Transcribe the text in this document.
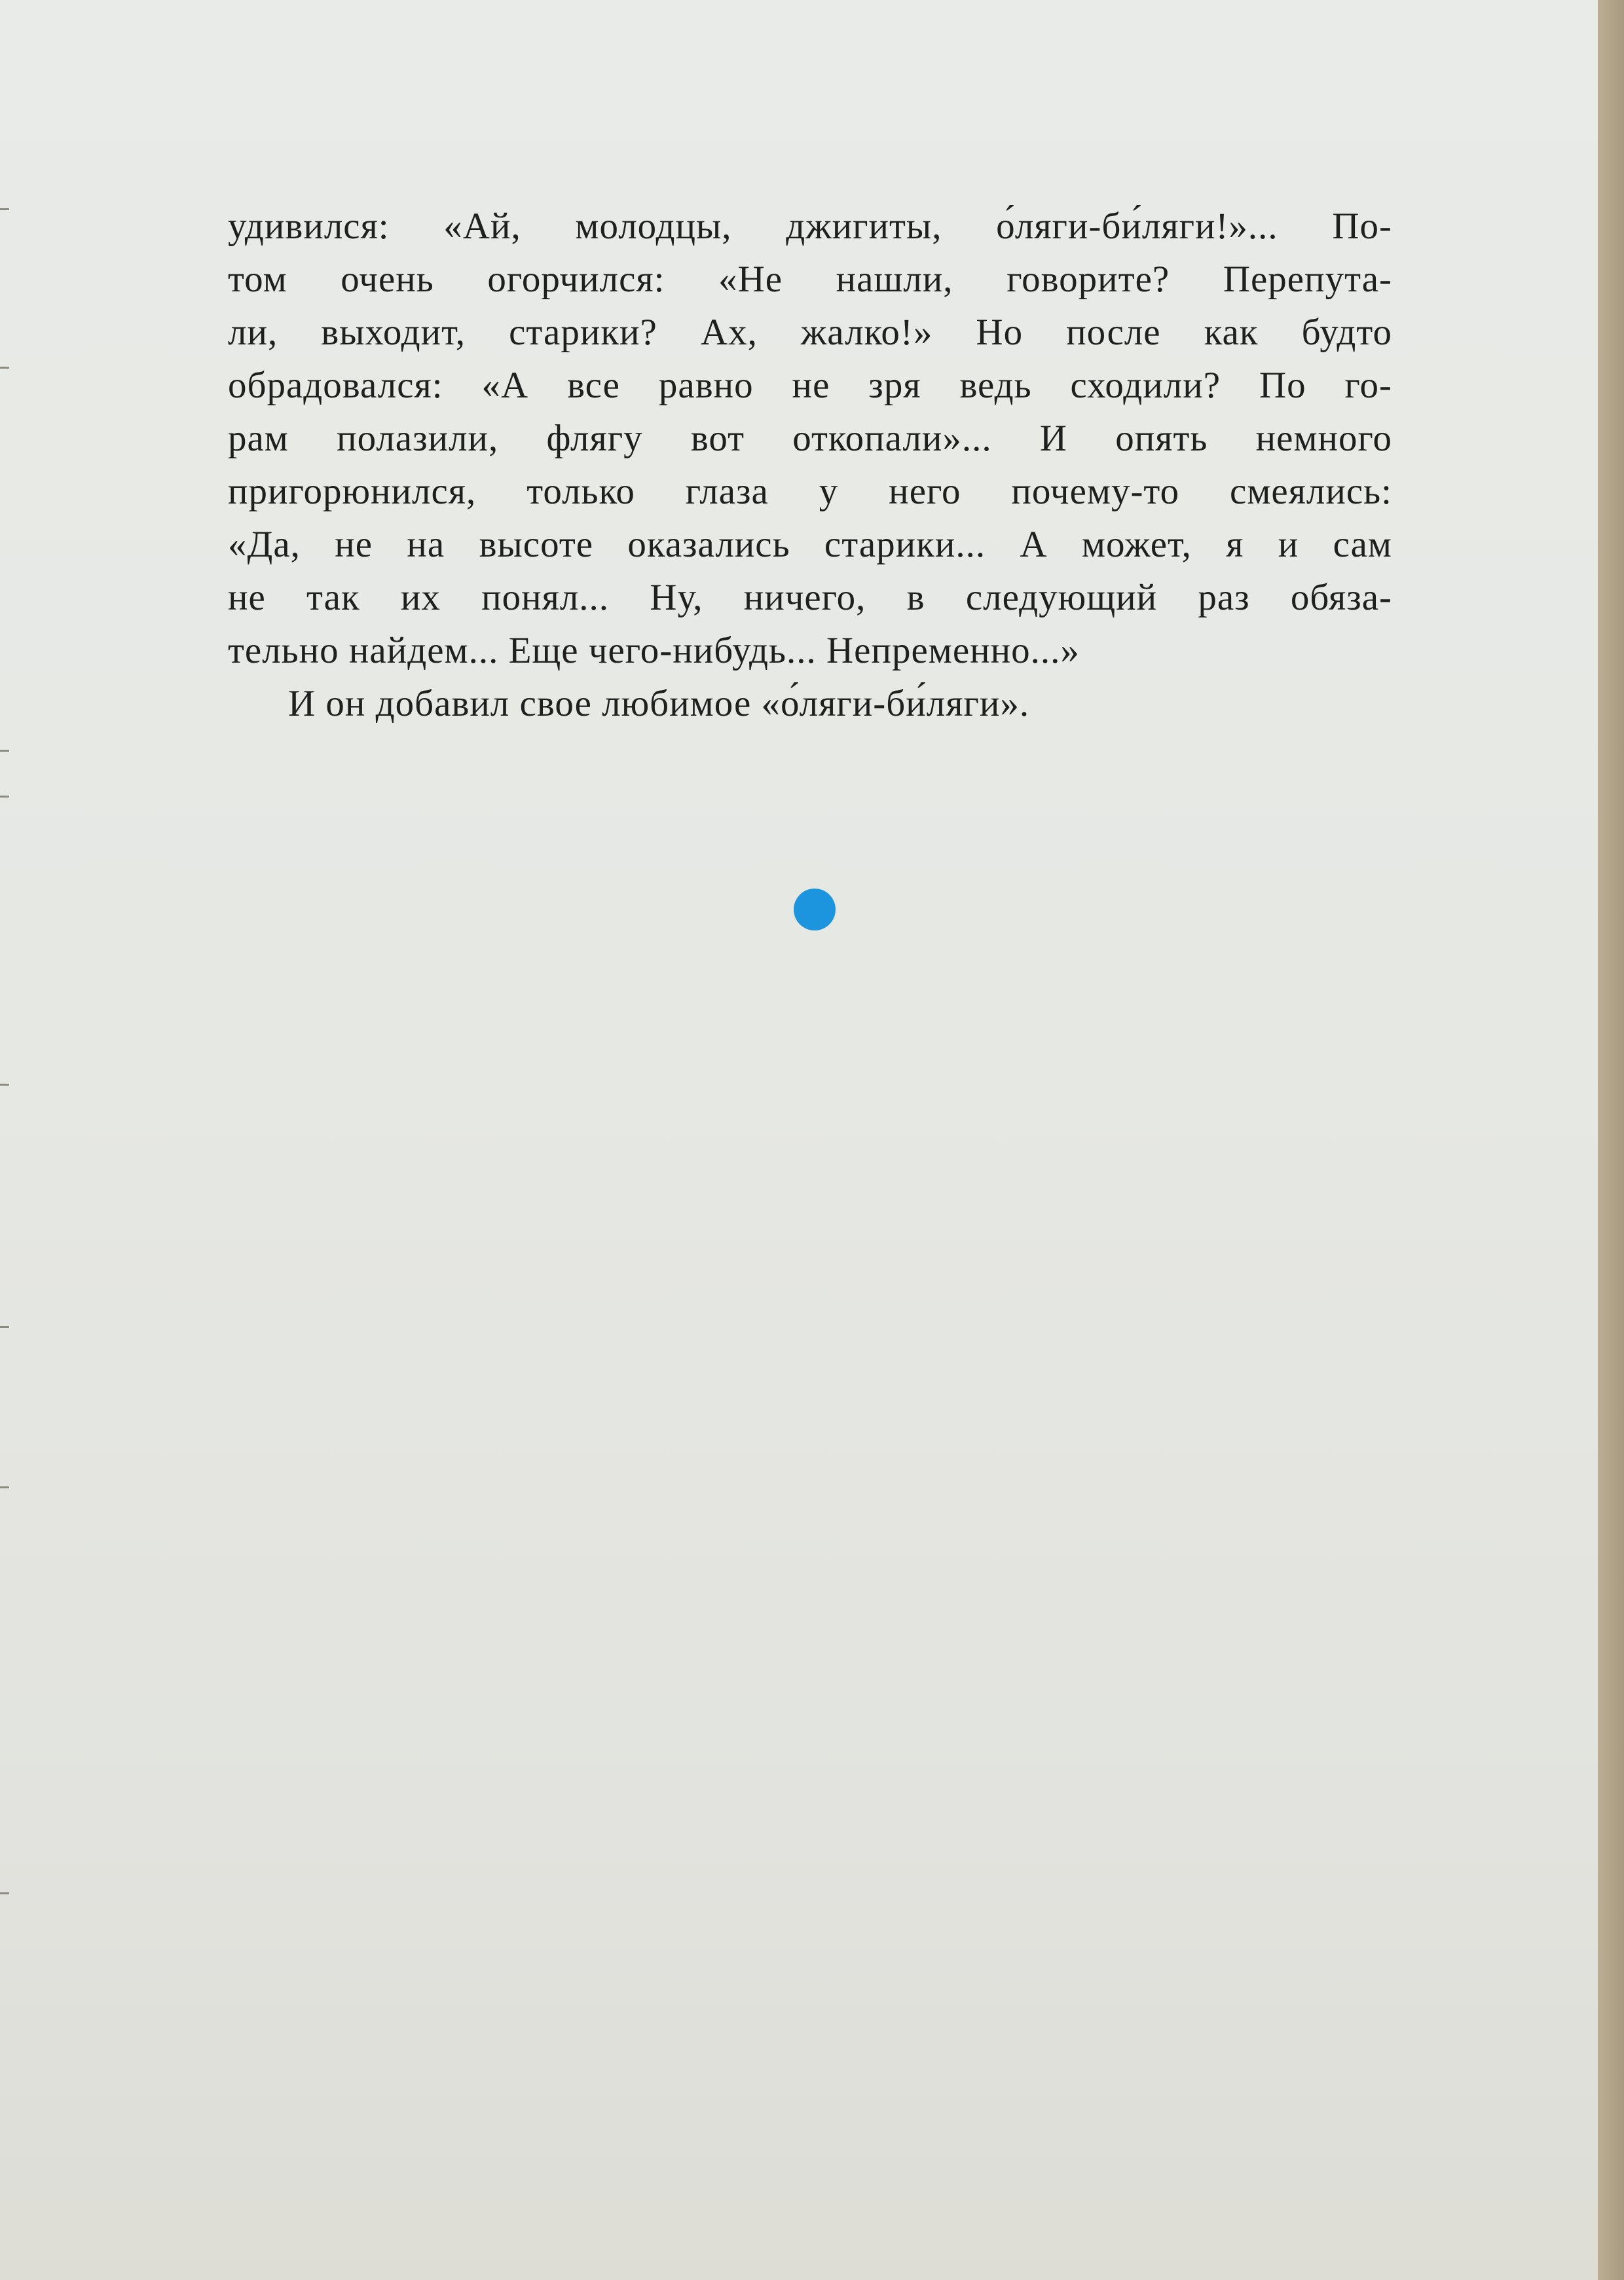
удивился: «Ай, молодцы, джигиты, о́ляги-би́ляги!»... По-
том очень огорчился: «Не нашли, говорите? Перепута-
ли, выходит, старики? Ах, жалко!» Но после как будто
обрадовался: «А все равно не зря ведь сходили? По го-
рам полазили, флягу вот откопали»... И опять немного
пригорюнился, только глаза у него почему-то смеялись:
«Да, не на высоте оказались старики... А может, я и сам
не так их понял... Ну, ничего, в следующий раз обяза-
тельно найдем... Еще чего-нибудь... Непременно...»
И он добавил свое любимое «о́ляги-би́ляги».
